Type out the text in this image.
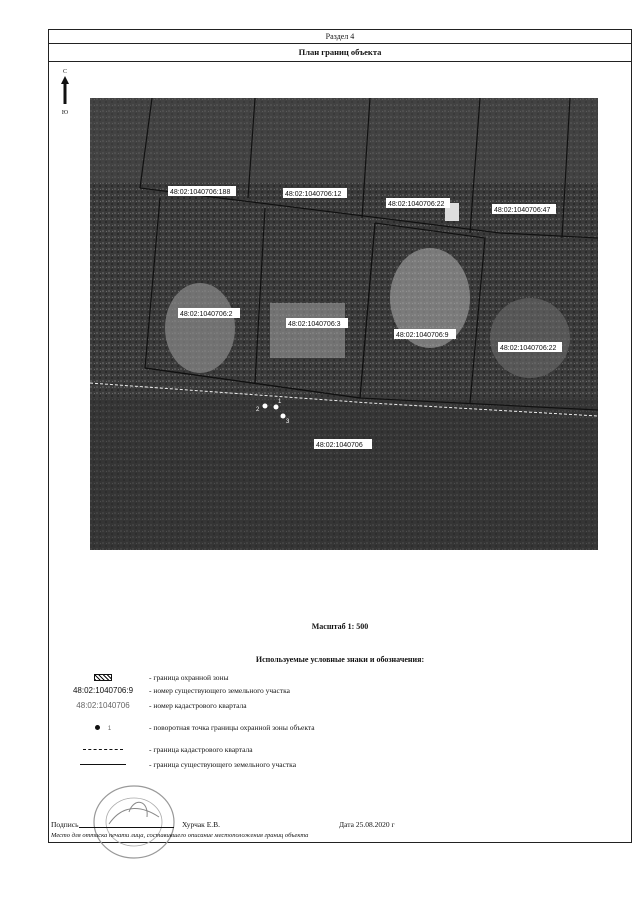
Раздел 4
План границ объекта
С
Ю
48:02:1040706:188	48:02:1040706:12
48:02:1040706:22
48:02:1040706:47
48:02:1040706:2
48:02:1040706:3
48:02:1040706:9
48:02:1040706:22
48:02:1040706
2
1
3
Масштаб 1: 500
Используемые условные знаки и обозначения:
- граница охранной зоны
48:02:1040706:9	- номер существующего земельного участка
48:02:1040706	- номер кадастрового квартала
1	- поворотная точка границы охранной зоны объекта
- граница кадастрового квартала
- граница существующего земельного участка
Подпись	Хурчак Е.В.	Дата 25.08.2020 г
Место для оттиска печати лица, составившего описание местоположения границ объекта
